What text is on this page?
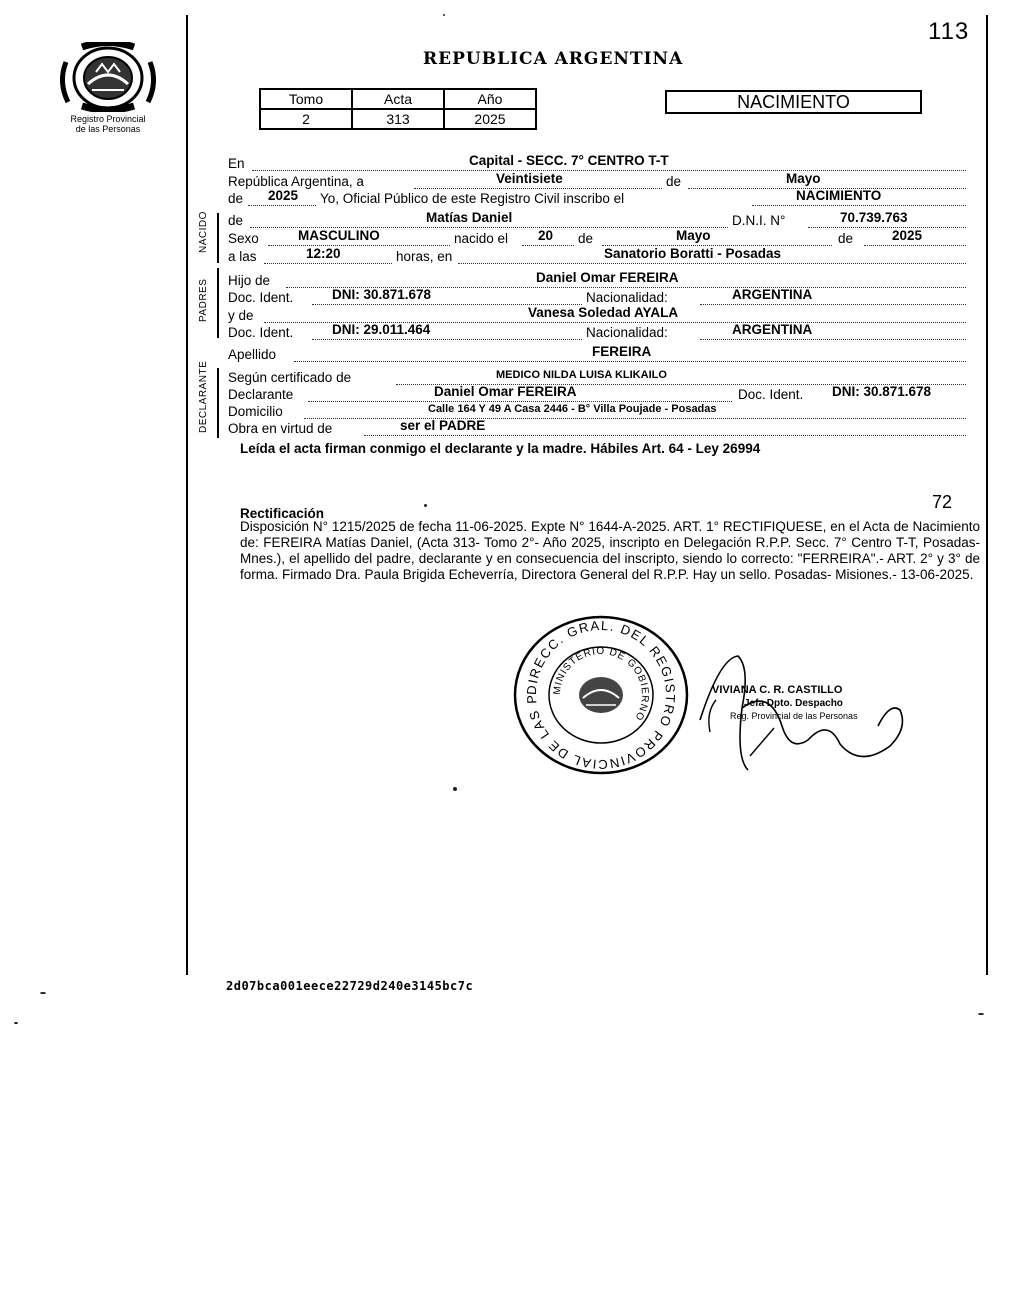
113
Registro Provincial
de las Personas
REPUBLICA ARGENTINA
Tomo	Acta	Año
2	313	2025
NACIMIENTO
NACIDO
PADRES
DECLARANTE
En	Capital - SECC. 7° CENTRO T-T
República Argentina, a	Veintisiete	de	Mayo
de 2025 Yo, Oficial Público de este Registro Civil inscribo el	NACIMIENTO
de	Matías Daniel	D.N.I. N°	70.739.763
Sexo	MASCULINO	nacido el 20 de	Mayo	de	2025
a las	12:20	horas, en	Sanatorio Boratti - Posadas
Hijo de	Daniel Omar FEREIRA
Doc. Ident.	DNI: 30.871.678	Nacionalidad:	ARGENTINA
y de	Vanesa Soledad AYALA
Doc. Ident.	DNI: 29.011.464	Nacionalidad:	ARGENTINA
Apellido	FEREIRA
Según certificado de	MEDICO NILDA LUISA KLIKAILO
Declarante	Daniel Omar FEREIRA	Doc. Ident. DNI: 30.871.678
Domicilio	Calle 164 Y 49 A Casa 2446 - B° Villa Poujade - Posadas
Obra en virtud de	ser el PADRE
Leída el acta firman conmigo el declarante y la madre. Hábiles Art. 64 - Ley 26994
72
Rectificación
Disposición N° 1215/2025 de fecha 11-06-2025. Expte N° 1644-A-2025. ART. 1° RECTIFIQUESE, en el Acta de Nacimiento de: FEREIRA Matías Daniel, (Acta 313- Tomo 2°- Año 2025, inscripto en Delegación R.P.P. Secc. 7° Centro T-T, Posadas- Mnes.), el apellido del padre, declarante y en consecuencia del inscripto, siendo lo correcto: "FERREIRA".- ART. 2° y 3° de forma. Firmado Dra. Paula Brigida Echeverría, Directora General del R.P.P. Hay un sello. Posadas- Misiones.- 13-06-2025.
DIRECC. GRAL. DEL REGISTRO PROVINCIAL DE LAS P
MINISTERIO DE GOBIERNO
VIVIANA C. R. CASTILLO
Jefa Dpto. Despacho
Reg. Provincial de las Personas
2d07bca001eece22729d240e3145bc7c
